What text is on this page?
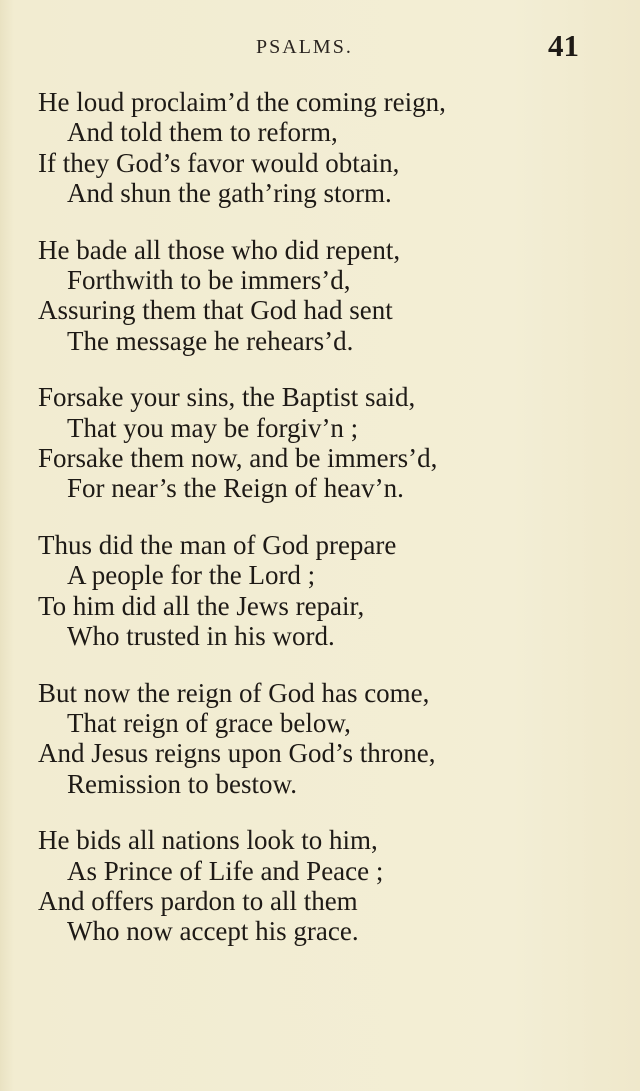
PSALMS.	41
He loud proclaim’d the coming reign,
And told them to reform,
If they God’s favor would obtain,
And shun the gath’ring storm.
He bade all those who did repent,
Forthwith to be immers’d,
Assuring them that God had sent
The message he rehears’d.
Forsake your sins, the Baptist said,
That you may be forgiv’n ;
Forsake them now, and be immers’d,
For near’s the Reign of heav’n.
Thus did the man of God prepare
A people for the Lord ;
To him did all the Jews repair,
Who trusted in his word.
But now the reign of God has come,
That reign of grace below,
And Jesus reigns upon God’s throne,
Remission to bestow.
He bids all nations look to him,
As Prince of Life and Peace ;
And offers pardon to all them
Who now accept his grace.
